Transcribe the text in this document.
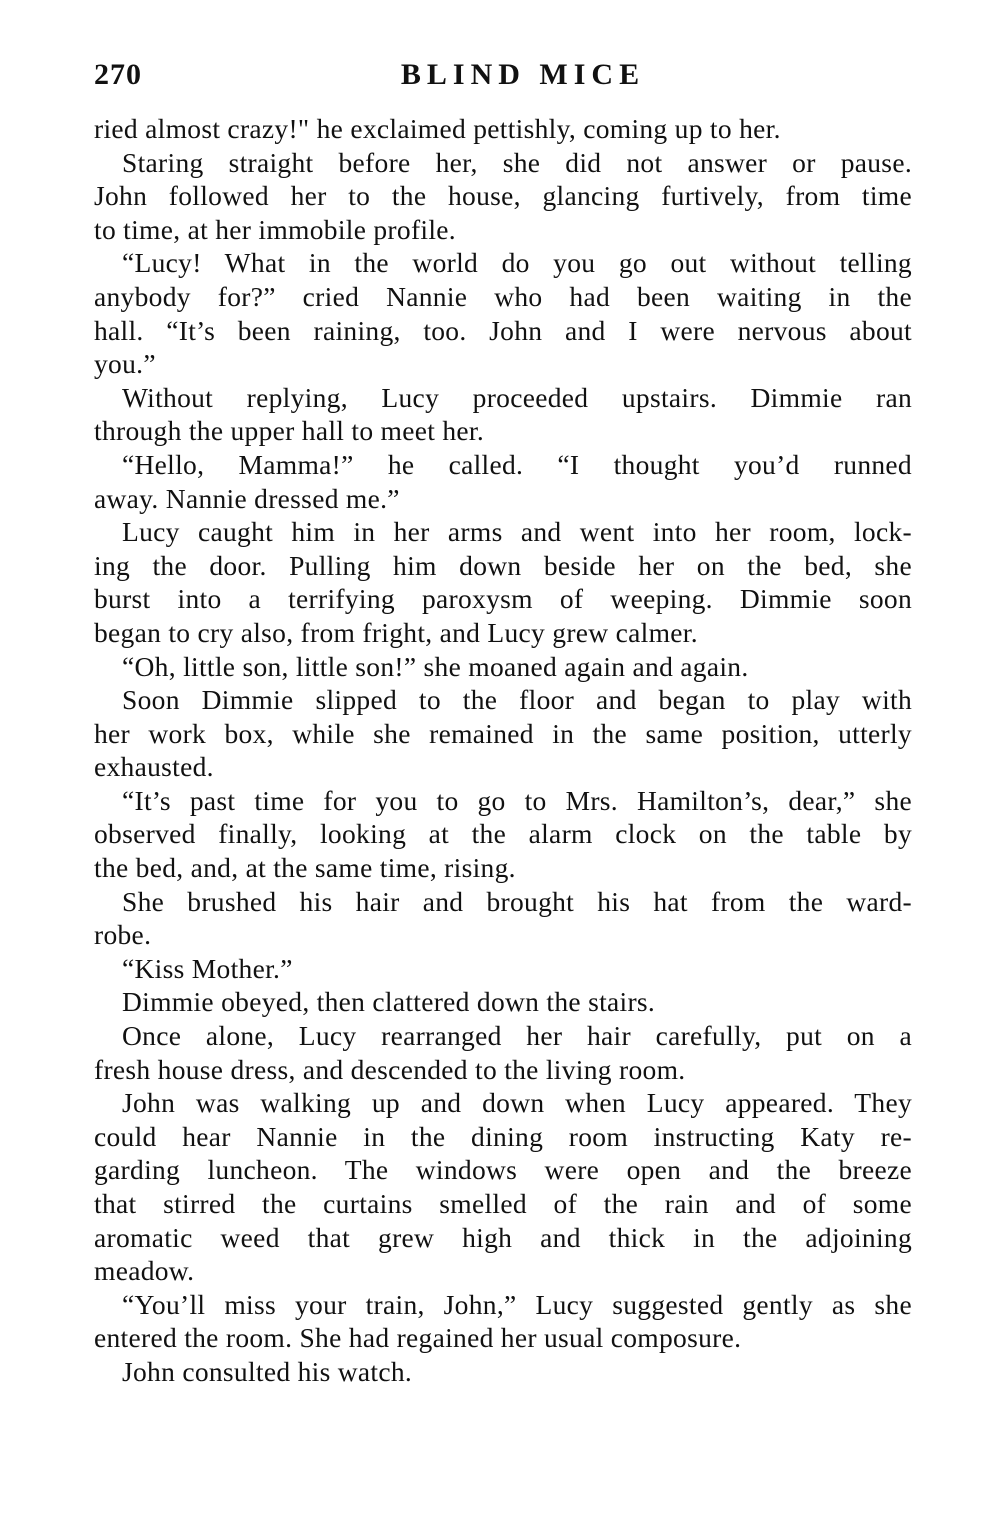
270	BLIND MICE

ried almost crazy!" he exclaimed pettishly, coming up to her.

Staring straight before her, she did not answer or pause.
John followed her to the house, glancing furtively, from time
to time, at her immobile profile.

“Lucy! What in the world do you go out without telling
anybody for?” cried Nannie who had been waiting in the
hall. “It’s been raining, too. John and I were nervous about
you.”

Without replying, Lucy proceeded upstairs. Dimmie ran
through the upper hall to meet her.

“Hello, Mamma!” he called. “I thought you’d runned
away. Nannie dressed me.”

Lucy caught him in her arms and went into her room, lock-
ing the door. Pulling him down beside her on the bed, she
burst into a terrifying paroxysm of weeping. Dimmie soon
began to cry also, from fright, and Lucy grew calmer.

“Oh, little son, little son!” she moaned again and again.

Soon Dimmie slipped to the floor and began to play with
her work box, while she remained in the same position, utterly
exhausted.

“It’s past time for you to go to Mrs. Hamilton’s, dear,” she
observed finally, looking at the alarm clock on the table by
the bed, and, at the same time, rising.

She brushed his hair and brought his hat from the ward-
robe.

“Kiss Mother.”

Dimmie obeyed, then clattered down the stairs.

Once alone, Lucy rearranged her hair carefully, put on a
fresh house dress, and descended to the living room.

John was walking up and down when Lucy appeared. They
could hear Nannie in the dining room instructing Katy re-
garding luncheon. The windows were open and the breeze
that stirred the curtains smelled of the rain and of some
aromatic weed that grew high and thick in the adjoining
meadow.

“You’ll miss your train, John,” Lucy suggested gently as she
entered the room. She had regained her usual composure.

John consulted his watch.
